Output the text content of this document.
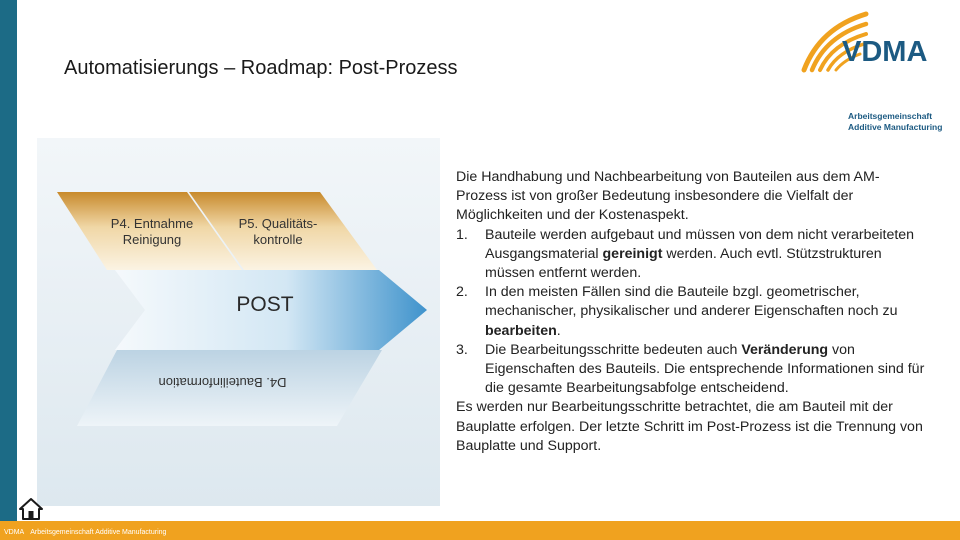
Automatisierungs – Roadmap: Post-Prozess	VDMA
Arbeitsgemeinschaft
Additive Manufacturing
P4. Entnahme
Reinigung
P5. Qualitäts-
kontrolle
POST
D4. Bauteilinformation

Die Handhabung und Nachbearbeitung von Bauteilen aus dem AM-Prozess ist von großer Bedeutung insbesondere die Vielfalt der Möglichkeiten und der Kostenaspekt.

1. Bauteile werden aufgebaut und müssen von dem nicht verarbeiteten Ausgangsmaterial gereinigt werden. Auch evtl. Stützstrukturen müssen entfernt werden.
2. In den meisten Fällen sind die Bauteile bzgl. geometrischer, mechanischer, physikalischer und anderer Eigenschaften noch zu bearbeiten.
3. Die Bearbeitungsschritte bedeuten auch Veränderung von Eigenschaften des Bauteils. Die entsprechende Informationen sind für die gesamte Bearbeitungsabfolge entscheidend.

Es werden nur Bearbeitungsschritte betrachtet, die am Bauteil mit der Bauplatte erfolgen. Der letzte Schritt im Post-Prozess ist die Trennung von Bauplatte und Support.

VDMA Arbeitsgemeinschaft Additive Manufacturing
